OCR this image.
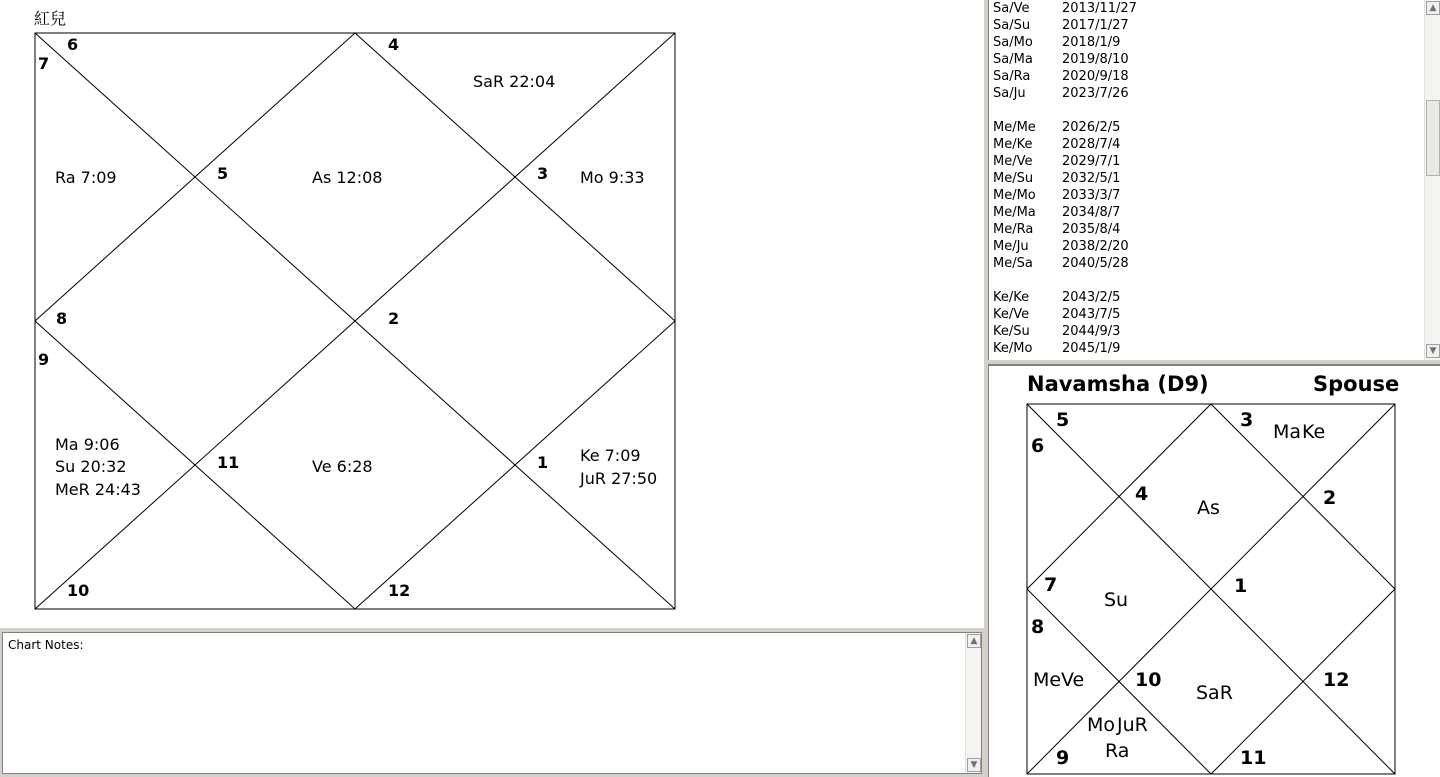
紅兒
6
7
4
5	3
8
9
2
11	1
10	12
SaR 22:04
Ra 7:09	As 12:08	Mo 9:33
Ma 9:06
Su 20:32
MeR 24:43
Ve 6:28
Ke 7:09
JuR 27:50
Chart Notes:	▲
▼
Sa/Ve	2013/11/27
Sa/Su 2017/1/27
Sa/Mo 2018/1/9
Sa/Ma 2019/8/10
Sa/Ra 2020/9/18
Sa/Ju	2023/7/26
Me/Me 2026/2/5
Me/Ke 2028/7/4
Me/Ve 2029/7/1
Me/Su 2032/5/1
Me/Mo 2033/3/7
Me/Ma 2034/8/7
Me/Ra 2035/8/4
Me/Ju	2038/2/20
Me/Sa 2040/5/28
Ke/Ke	2043/2/5
Ke/Ve	2043/7/5
Ke/Su 2044/9/3
Ke/Mo 2045/1/9
▲
▼
Navamsha (D9)	Spouse
5
6
3
4	2
7	1
8
10	12
9	11
Ma Ke
As
Su
Me Ve
SaR
Mo JuR
Ra
